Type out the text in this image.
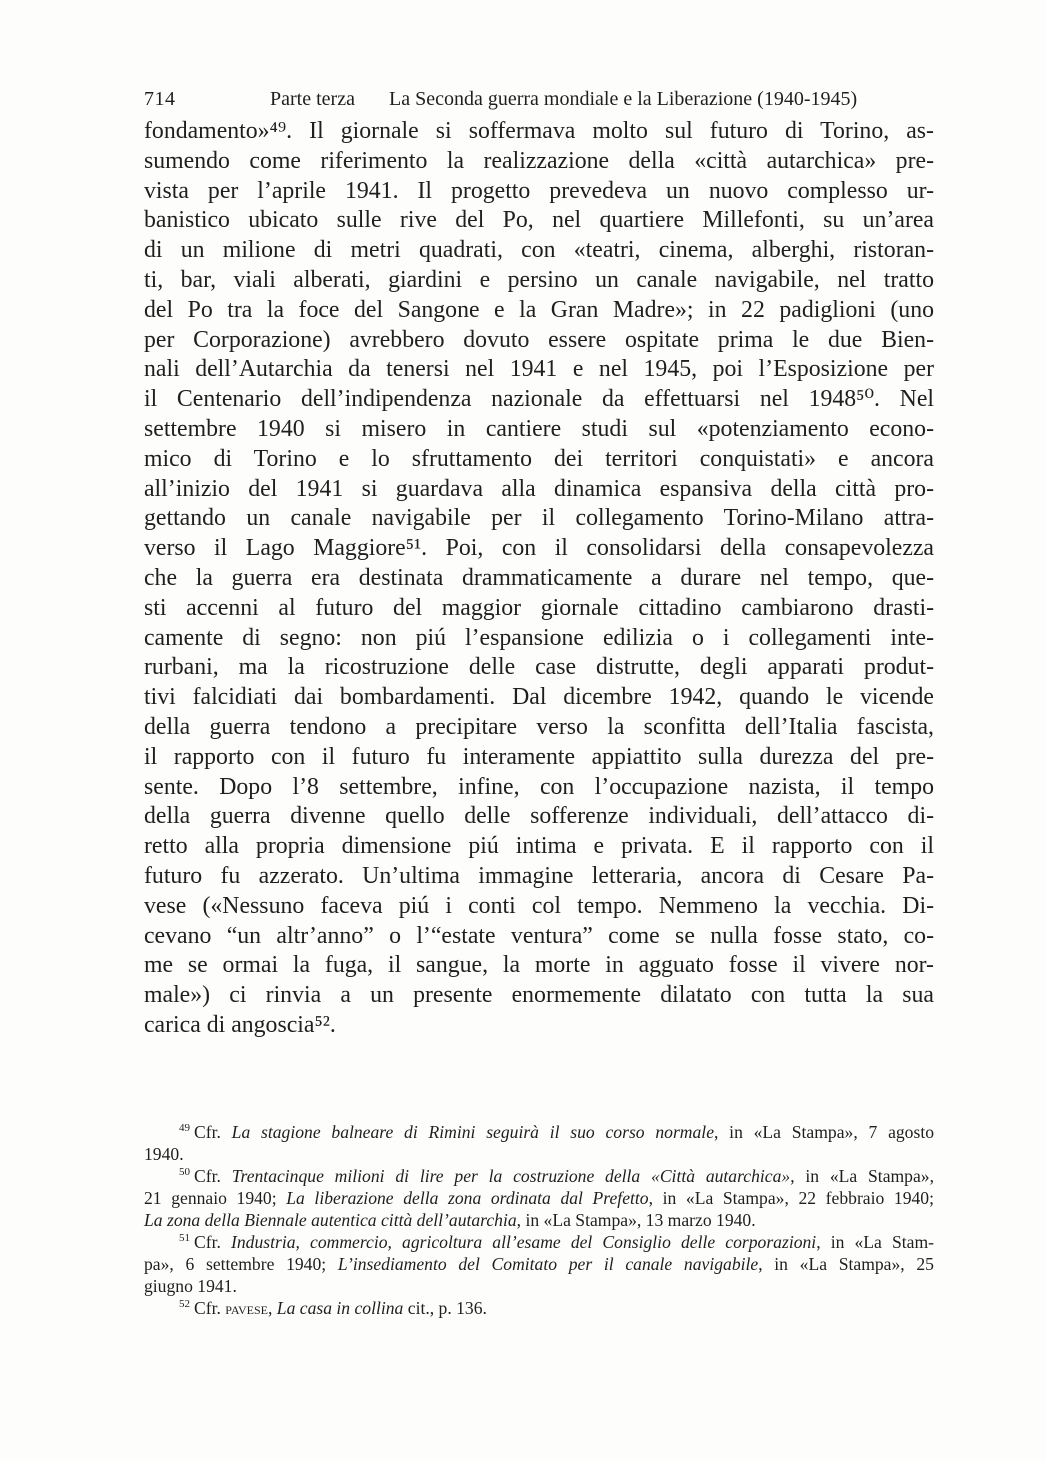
714	Parte terza La Seconda guerra mondiale e la Liberazione (1940-1945)
fondamento»⁴⁹. Il giornale si soffermava molto sul futuro di Torino, as-
sumendo come riferimento la realizzazione della «città autarchica» pre-
vista per l’aprile 1941. Il progetto prevedeva un nuovo complesso ur-
banistico ubicato sulle rive del Po, nel quartiere Millefonti, su un’area
di un milione di metri quadrati, con «teatri, cinema, alberghi, ristoran-
ti, bar, viali alberati, giardini e persino un canale navigabile, nel tratto
del Po tra la foce del Sangone e la Gran Madre»; in 22 padiglioni (uno
per Corporazione) avrebbero dovuto essere ospitate prima le due Bien-
nali dell’Autarchia da tenersi nel 1941 e nel 1945, poi l’Esposizione per
il Centenario dell’indipendenza nazionale da effettuarsi nel 1948⁵⁰. Nel
settembre 1940 si misero in cantiere studi sul «potenziamento econo-
mico di Torino e lo sfruttamento dei territori conquistati» e ancora
all’inizio del 1941 si guardava alla dinamica espansiva della città pro-
gettando un canale navigabile per il collegamento Torino-Milano attra-
verso il Lago Maggiore⁵¹. Poi, con il consolidarsi della consapevolezza
che la guerra era destinata drammaticamente a durare nel tempo, que-
sti accenni al futuro del maggior giornale cittadino cambiarono drasti-
camente di segno: non piú l’espansione edilizia o i collegamenti inte-
rurbani, ma la ricostruzione delle case distrutte, degli apparati produt-
tivi falcidiati dai bombardamenti. Dal dicembre 1942, quando le vicende
della guerra tendono a precipitare verso la sconfitta dell’Italia fascista,
il rapporto con il futuro fu interamente appiattito sulla durezza del pre-
sente. Dopo l’8 settembre, infine, con l’occupazione nazista, il tempo
della guerra divenne quello delle sofferenze individuali, dell’attacco di-
retto alla propria dimensione piú intima e privata. E il rapporto con il
futuro fu azzerato. Un’ultima immagine letteraria, ancora di Cesare Pa-
vese («Nessuno faceva piú i conti col tempo. Nemmeno la vecchia. Di-
cevano “un altr’anno” o l’“estate ventura” come se nulla fosse stato, co-
me se ormai la fuga, il sangue, la morte in agguato fosse il vivere nor-
male») ci rinvia a un presente enormemente dilatato con tutta la sua
carica di angoscia⁵².
$^{49}$ Cfr. La stagione balneare di Rimini seguirà il suo corso normale, in «La Stampa», 7 agosto
1940.
$^{50}$ Cfr. Trentacinque milioni di lire per la costruzione della «Città autarchica», in «La Stampa»,
21 gennaio 1940; La liberazione della zona ordinata dal Prefetto, in «La Stampa», 22 febbraio 1940;
La zona della Biennale autentica città dell’autarchia, in «La Stampa», 13 marzo 1940.
$^{51}$ Cfr. Industria, commercio, agricoltura all’esame del Consiglio delle corporazioni, in «La Stam-
pa», 6 settembre 1940; L’insediamento del Comitato per il canale navigabile, in «La Stampa», 25
giugno 1941.
$^{52}$ Cfr. pavese, La casa in collina cit., p. 136.
